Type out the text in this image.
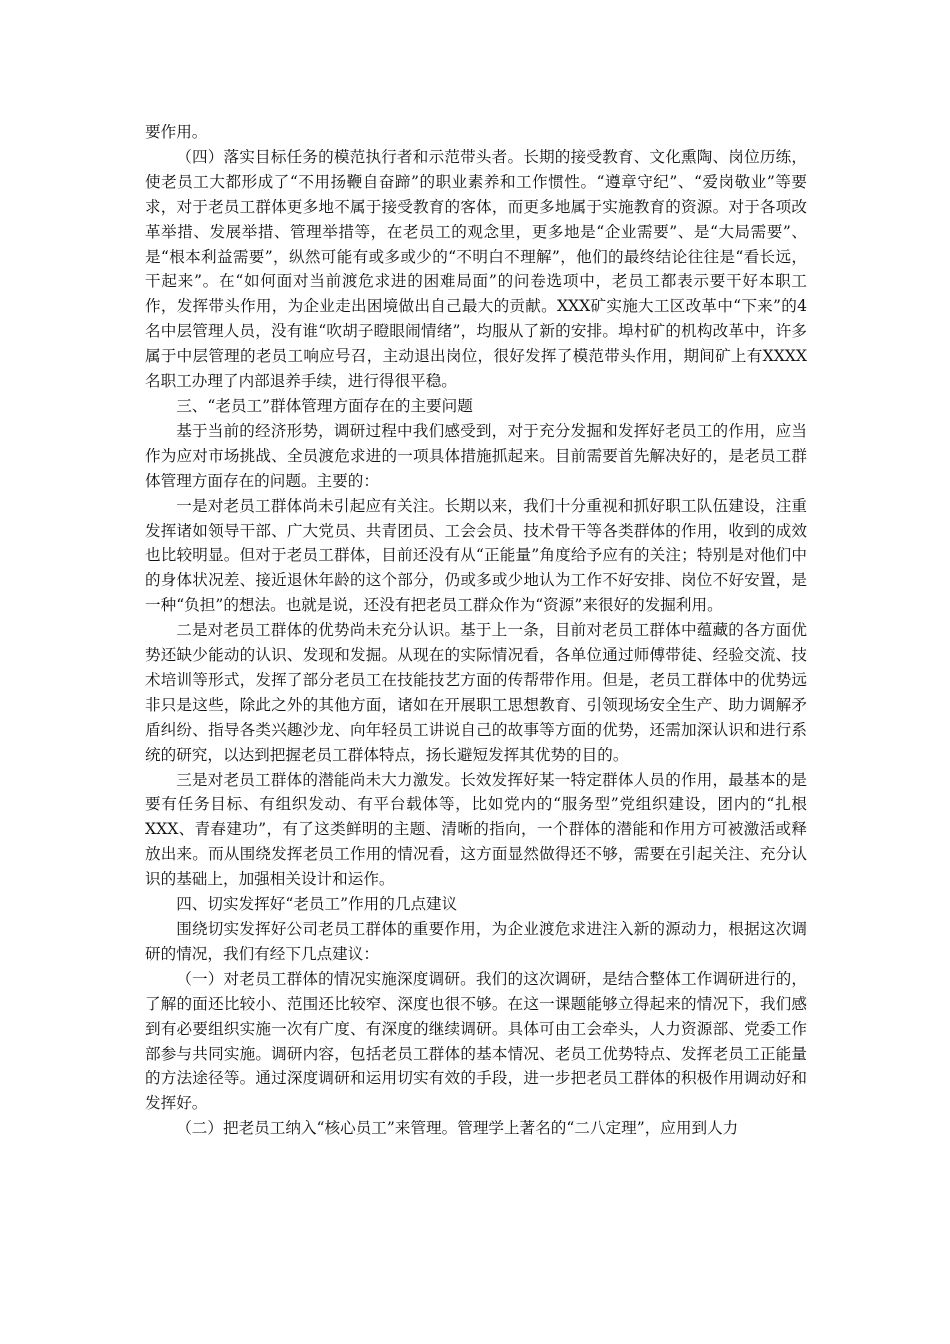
要作用。

（四）落实目标任务的模范执行者和示范带头者。长期的接受教育、文化熏陶、岗位历练，使老员工大都形成了“不用扬鞭自奋蹄”的职业素养和工作惯性。“遵章守纪”、“爱岗敬业”等要求，对于老员工群体更多地不属于接受教育的客体，而更多地属于实施教育的资源。对于各项改革举措、发展举措、管理举措等，在老员工的观念里，更多地是“企业需要”、是“大局需要”、是“根本利益需要”，纵然可能有或多或少的“不明白不理解”，他们的最终结论往往是“看长远，干起来”。在“如何面对当前渡危求进的困难局面”的问卷选项中，老员工都表示要干好本职工作，发挥带头作用，为企业走出困境做出自己最大的贡献。XXX矿实施大工区改革中“下来”的4名中层管理人员，没有谁“吹胡子瞪眼闹情绪”，均服从了新的安排。埠村矿的机构改革中，许多属于中层管理的老员工响应号召，主动退出岗位，很好发挥了模范带头作用，期间矿上有XXXX名职工办理了内部退养手续，进行得很平稳。

三、“老员工”群体管理方面存在的主要问题

基于当前的经济形势，调研过程中我们感受到，对于充分发掘和发挥好老员工的作用，应当作为应对市场挑战、全员渡危求进的一项具体措施抓起来。目前需要首先解决好的，是老员工群体管理方面存在的问题。主要的：

一是对老员工群体尚未引起应有关注。长期以来，我们十分重视和抓好职工队伍建设，注重发挥诸如领导干部、广大党员、共青团员、工会会员、技术骨干等各类群体的作用，收到的成效也比较明显。但对于老员工群体，目前还没有从“正能量”角度给予应有的关注；特别是对他们中的身体状况差、接近退休年龄的这个部分，仍或多或少地认为工作不好安排、岗位不好安置，是一种“负担”的想法。也就是说，还没有把老员工群众作为“资源”来很好的发掘利用。

二是对老员工群体的优势尚未充分认识。基于上一条，目前对老员工群体中蕴藏的各方面优势还缺少能动的认识、发现和发掘。从现在的实际情况看，各单位通过师傅带徒、经验交流、技术培训等形式，发挥了部分老员工在技能技艺方面的传帮带作用。但是，老员工群体中的优势远非只是这些，除此之外的其他方面，诸如在开展职工思想教育、引领现场安全生产、助力调解矛盾纠纷、指导各类兴趣沙龙、向年轻员工讲说自己的故事等方面的优势，还需加深认识和进行系统的研究，以达到把握老员工群体特点，扬长避短发挥其优势的目的。

三是对老员工群体的潜能尚未大力激发。长效发挥好某一特定群体人员的作用，最基本的是要有任务目标、有组织发动、有平台载体等，比如党内的“服务型”党组织建设，团内的“扎根XXX、青春建功”，有了这类鲜明的主题、清晰的指向，一个群体的潜能和作用方可被激活或释放出来。而从围绕发挥老员工作用的情况看，这方面显然做得还不够，需要在引起关注、充分认识的基础上，加强相关设计和运作。

四、切实发挥好“老员工”作用的几点建议

围绕切实发挥好公司老员工群体的重要作用，为企业渡危求进注入新的源动力，根据这次调研的情况，我们有经下几点建议：

（一）对老员工群体的情况实施深度调研。我们的这次调研，是结合整体工作调研进行的，了解的面还比较小、范围还比较窄、深度也很不够。在这一课题能够立得起来的情况下，我们感到有必要组织实施一次有广度、有深度的继续调研。具体可由工会牵头，人力资源部、党委工作部参与共同实施。调研内容，包括老员工群体的基本情况、老员工优势特点、发挥老员工正能量的方法途径等。通过深度调研和运用切实有效的手段，进一步把老员工群体的积极作用调动好和发挥好。

（二）把老员工纳入“核心员工”来管理。管理学上著名的“二八定理”，应用到人力
